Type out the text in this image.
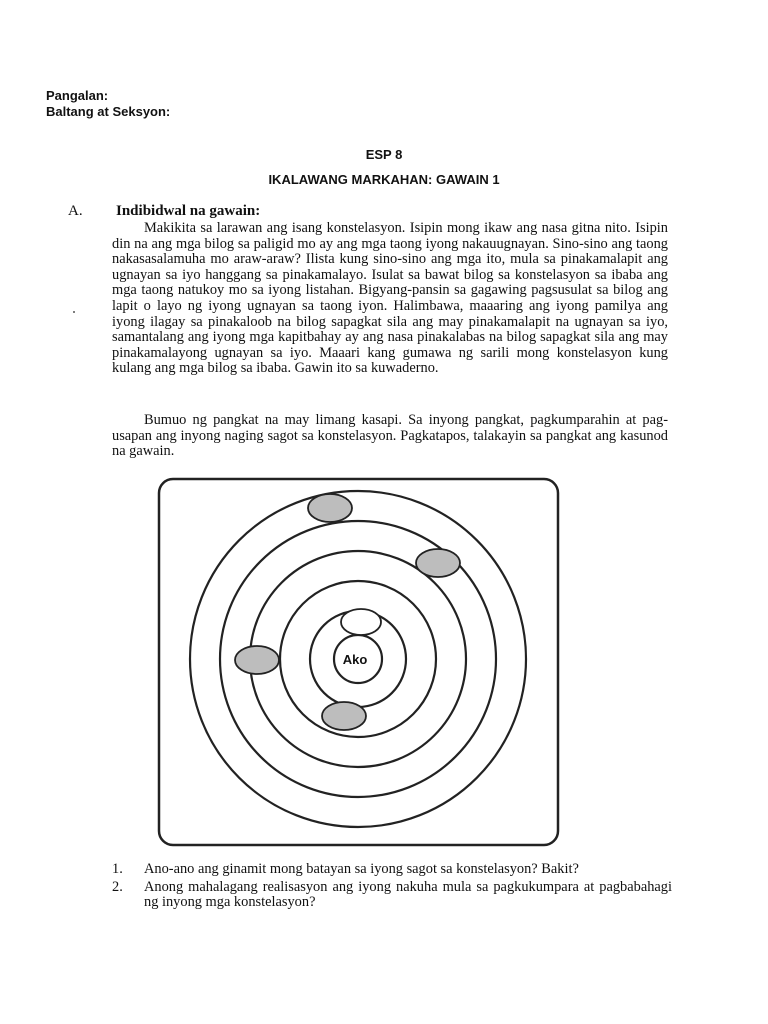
Pangalan:
Baltang at Seksyon:
ESP 8
IKALAWANG MARKAHAN: GAWAIN 1
A. Indibidwal na gawain:

Makikita sa larawan ang isang konstelasyon. Isipin mong ikaw ang nasa gitna nito. Isipin din na ang mga bilog sa paligid mo ay ang mga taong iyong nakauugnayan. Sino-sino ang taong nakasasalamuha mo araw-araw? Ilista kung sino-sino ang mga ito, mula sa pinakamalapit ang ugnayan sa iyo hanggang sa pinakamalayo. Isulat sa bawat bilog sa konstelasyon sa ibaba ang mga taong natukoy mo sa iyong listahan. Bigyang-pansin sa gagawing pagsusulat sa bilog ang lapit o layo ng iyong ugnayan sa taong iyon. Halimbawa, maaaring ang iyong pamilya ang iyong ilagay sa pinakaloob na bilog sapagkat sila ang may pinakamalapit na ugnayan sa iyo, samantalang ang iyong mga kapitbahay ay ang nasa pinakalabas na bilog sapagkat sila ang may pinakamalayong ugnayan sa iyo. Maaari kang gumawa ng sarili mong konstelasyon kung kulang ang mga bilog sa ibaba. Gawin ito sa kuwaderno.

Bumuo ng pangkat na may limang kasapi. Sa inyong pangkat, pagkumparahin at pag-usapan ang inyong naging sagot sa konstelasyon. Pagkatapos, talakayin sa pangkat ang kasunod na gawain.

Ako
1.	Ano-ano ang ginamit mong batayan sa iyong sagot sa konstelasyon? Bakit?
2.	Anong mahalagang realisasyon ang iyong nakuha mula sa pagkukumpara at pagbabahagi ng inyong mga konstelasyon?
